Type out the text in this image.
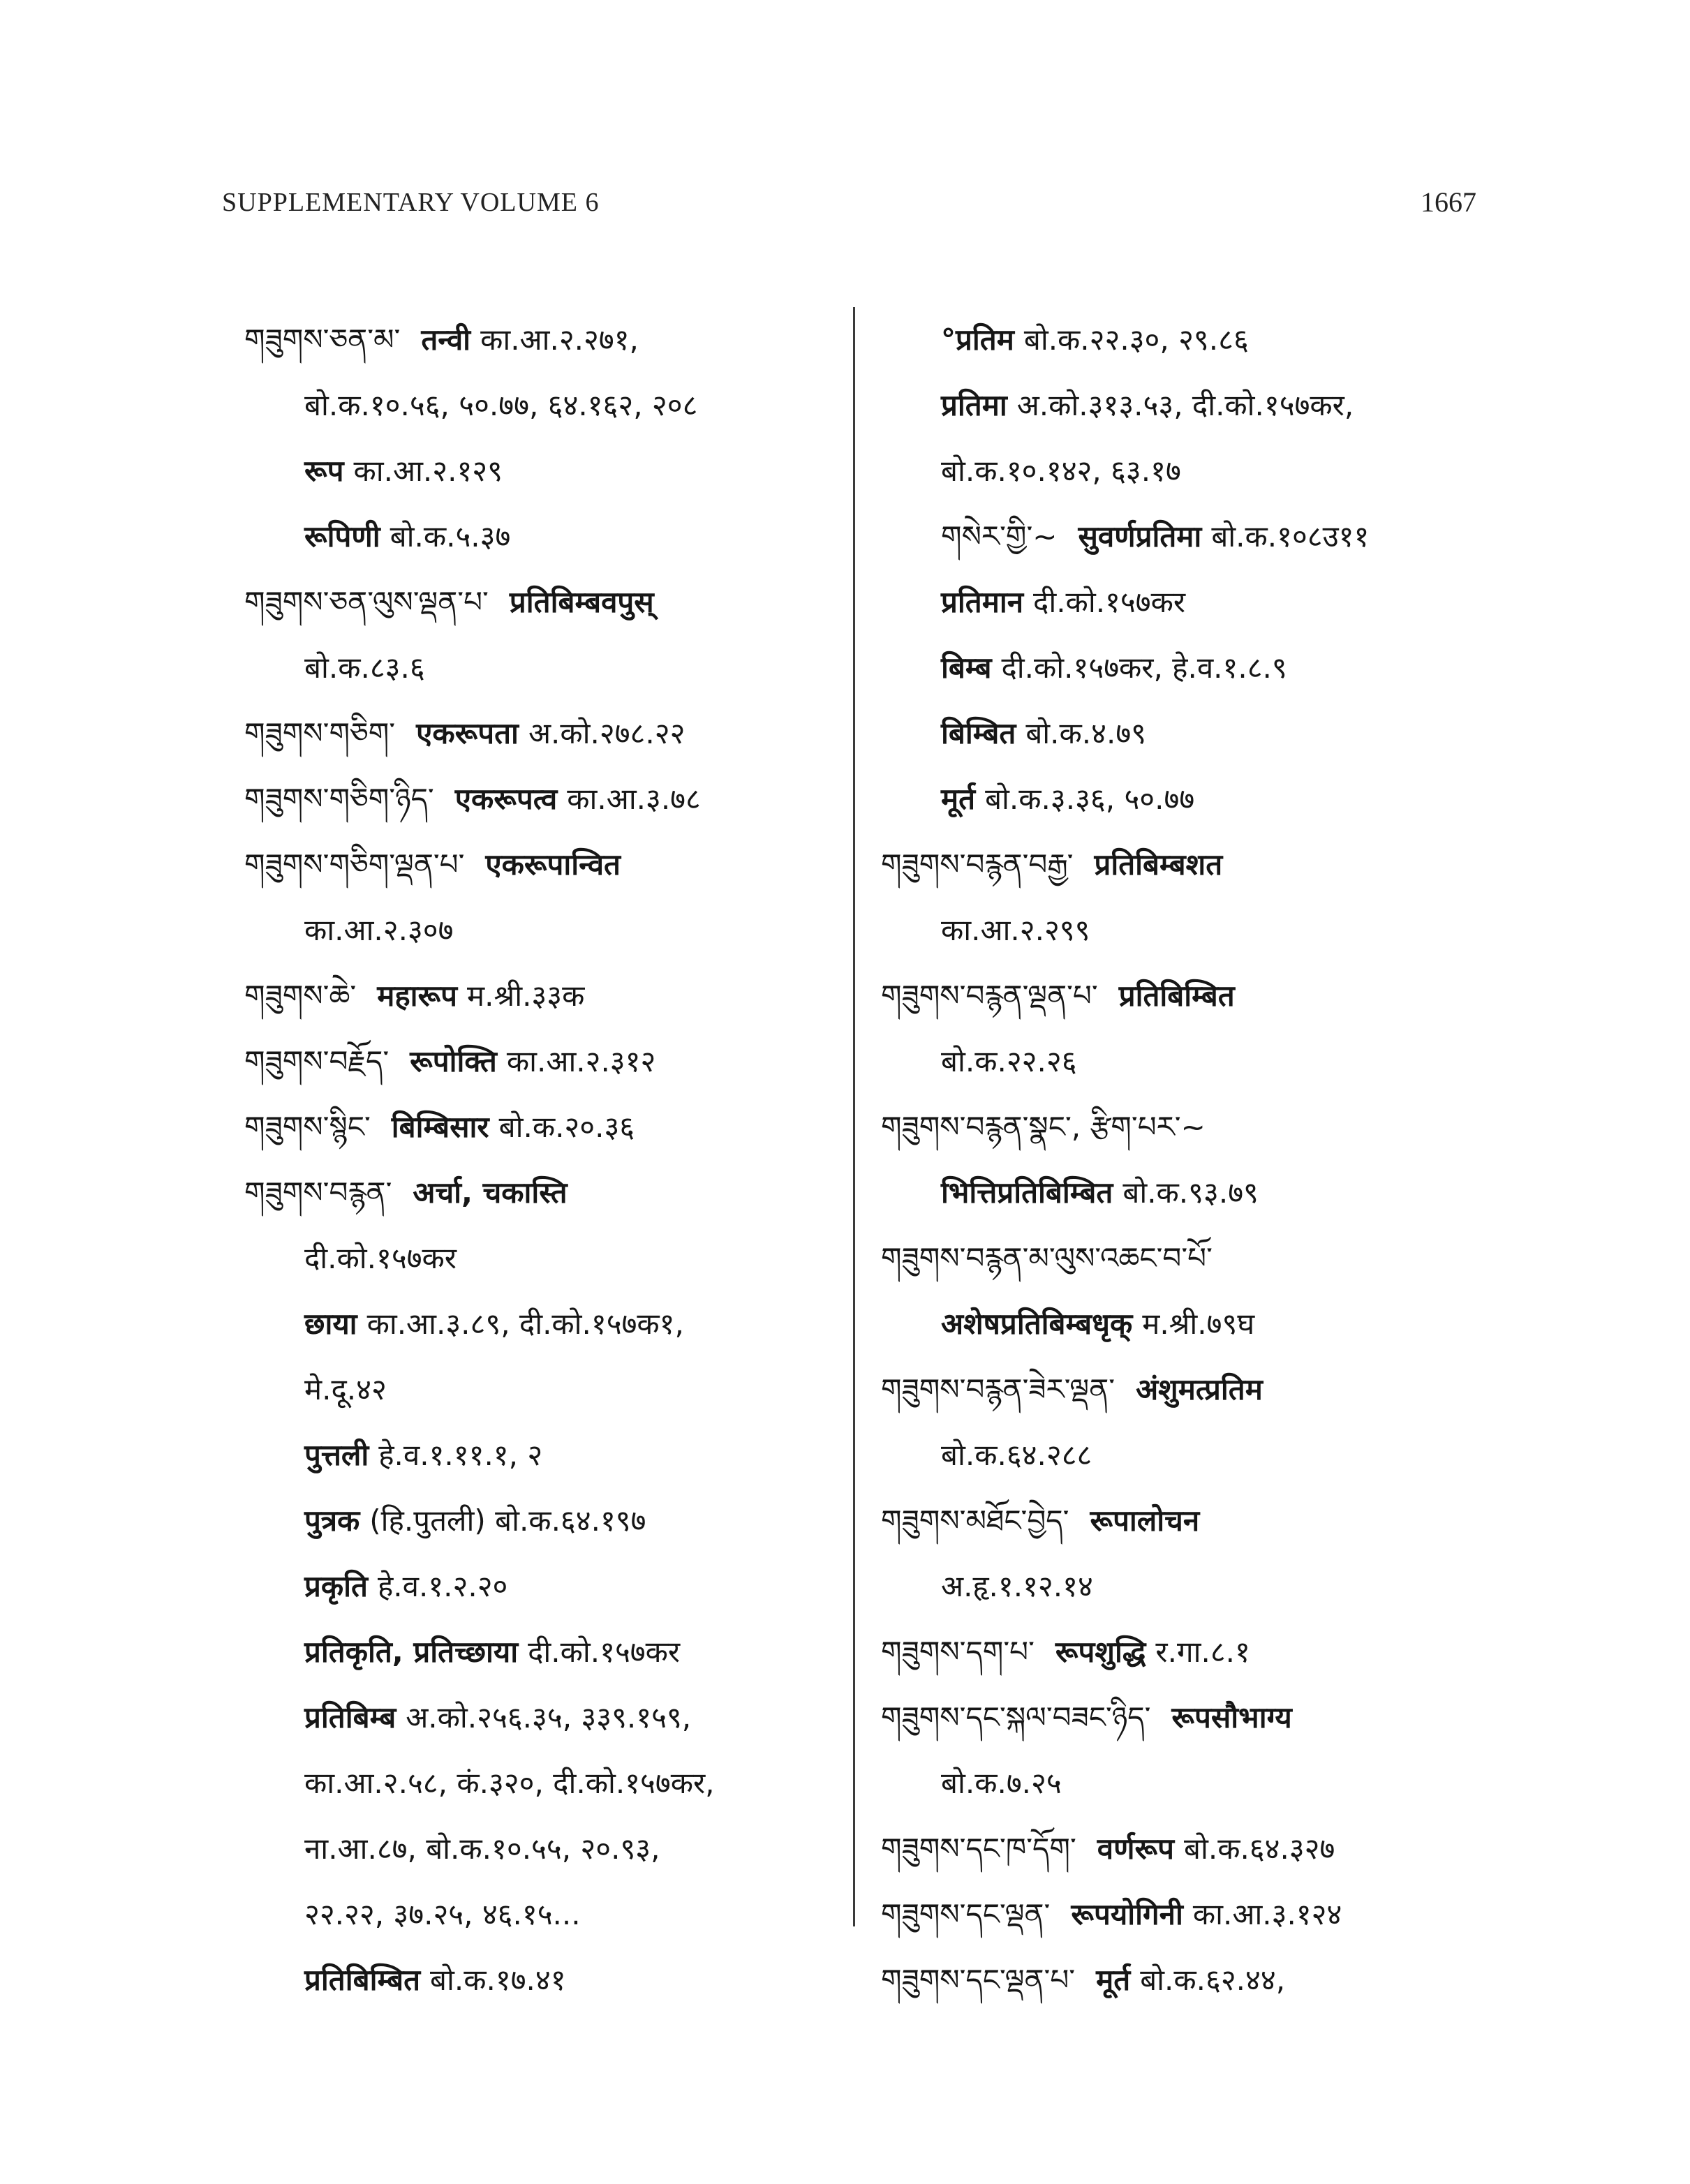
SUPPLEMENTARY VOLUME 6	1667
གཟུགས་ཅན་མ་ तन्वी का.आ.२.२७१,
बो.क.१०.५६, ५०.७७, ६४.१६२, २०८
रूप का.आ.२.१२९
रूपिणी बो.क.५.३७
གཟུགས་ཅན་ལུས་ལྡན་པ་ प्रतिबिम्बवपुस्
बो.क.८३.६
གཟུགས་གཅིག་ एकरूपता अ.को.२७८.२२
གཟུགས་གཅིག་ཉིད་ एकरूपत्व का.आ.३.७८
གཟུགས་གཅིག་ལྡན་པ་ एकरूपान्वित
का.आ.२.३०७
གཟུགས་ཆེ་ महारूप म.श्री.३३क
གཟུགས་བརྗོད་ रूपोक्ति का.आ.२.३१२
གཟུགས་སྙིང་ बिम्बिसार बो.क.२०.३६
གཟུགས་བརྙན་ अर्चा, चकास्ति
दी.को.१५७कर
छाया का.आ.३.८९, दी.को.१५७क१,
मे.दू.४२
पुत्तली हे.व.१.११.१, २
पुत्रक (हि.पुतली) बो.क.६४.१९७
प्रकृति हे.व.१.२.२०
प्रतिकृति, प्रतिच्छाया दी.को.१५७कर
प्रतिबिम्ब अ.को.२५६.३५, ३३९.१५९,
का.आ.२.५८, कं.३२०, दी.को.१५७कर,
ना.आ.८७, बो.क.१०.५५, २०.९३,
२२.२२, ३७.२५, ४६.१५...
प्रतिबिम्बित बो.क.१७.४१
°प्रतिम बो.क.२२.३०, २९.८६
प्रतिमा अ.को.३१३.५३, दी.को.१५७कर,
बो.क.१०.१४२, ६३.१७
གསེར་གྱི་~ सुवर्णप्रतिमा बो.क.१०८उ११
प्रतिमान दी.को.१५७कर
बिम्ब दी.को.१५७कर, हे.व.१.८.९
बिम्बित बो.क.४.७९
मूर्त बो.क.३.३६, ५०.७७
གཟུགས་བརྙན་བརྒྱ་ प्रतिबिम्बशत
का.आ.२.२९९
གཟུགས་བརྙན་ལྡན་པ་ प्रतिबिम्बित
बो.क.२२.२६
གཟུགས་བརྙན་སྣང་, རྩིག་པར་~
भित्तिप्रतिबिम्बित बो.क.९३.७९
གཟུགས་བརྙན་མ་ལུས་འཆང་བ་པོ་
अशेषप्रतिबिम्बधृक् म.श्री.७९घ
གཟུགས་བརྙན་ཟེར་ལྡན་ अंशुमत्प्रतिम
बो.क.६४.२८८
གཟུགས་མཐོང་བྱེད་ रूपालोचन
अ.हृ.१.१२.१४
གཟུགས་དག་པ་ रूपशुद्धि र.गा.८.१
གཟུགས་དང་སྐལ་བཟང་ཉིད་ रूपसौभाग्य
बो.क.७.२५
གཟུགས་དང་ཁ་དོག་ वर्णरूप बो.क.६४.३२७
གཟུགས་དང་ལྡན་ रूपयोगिनी का.आ.३.१२४
གཟུགས་དང་ལྡན་པ་ मूर्त बो.क.६२.४४,
